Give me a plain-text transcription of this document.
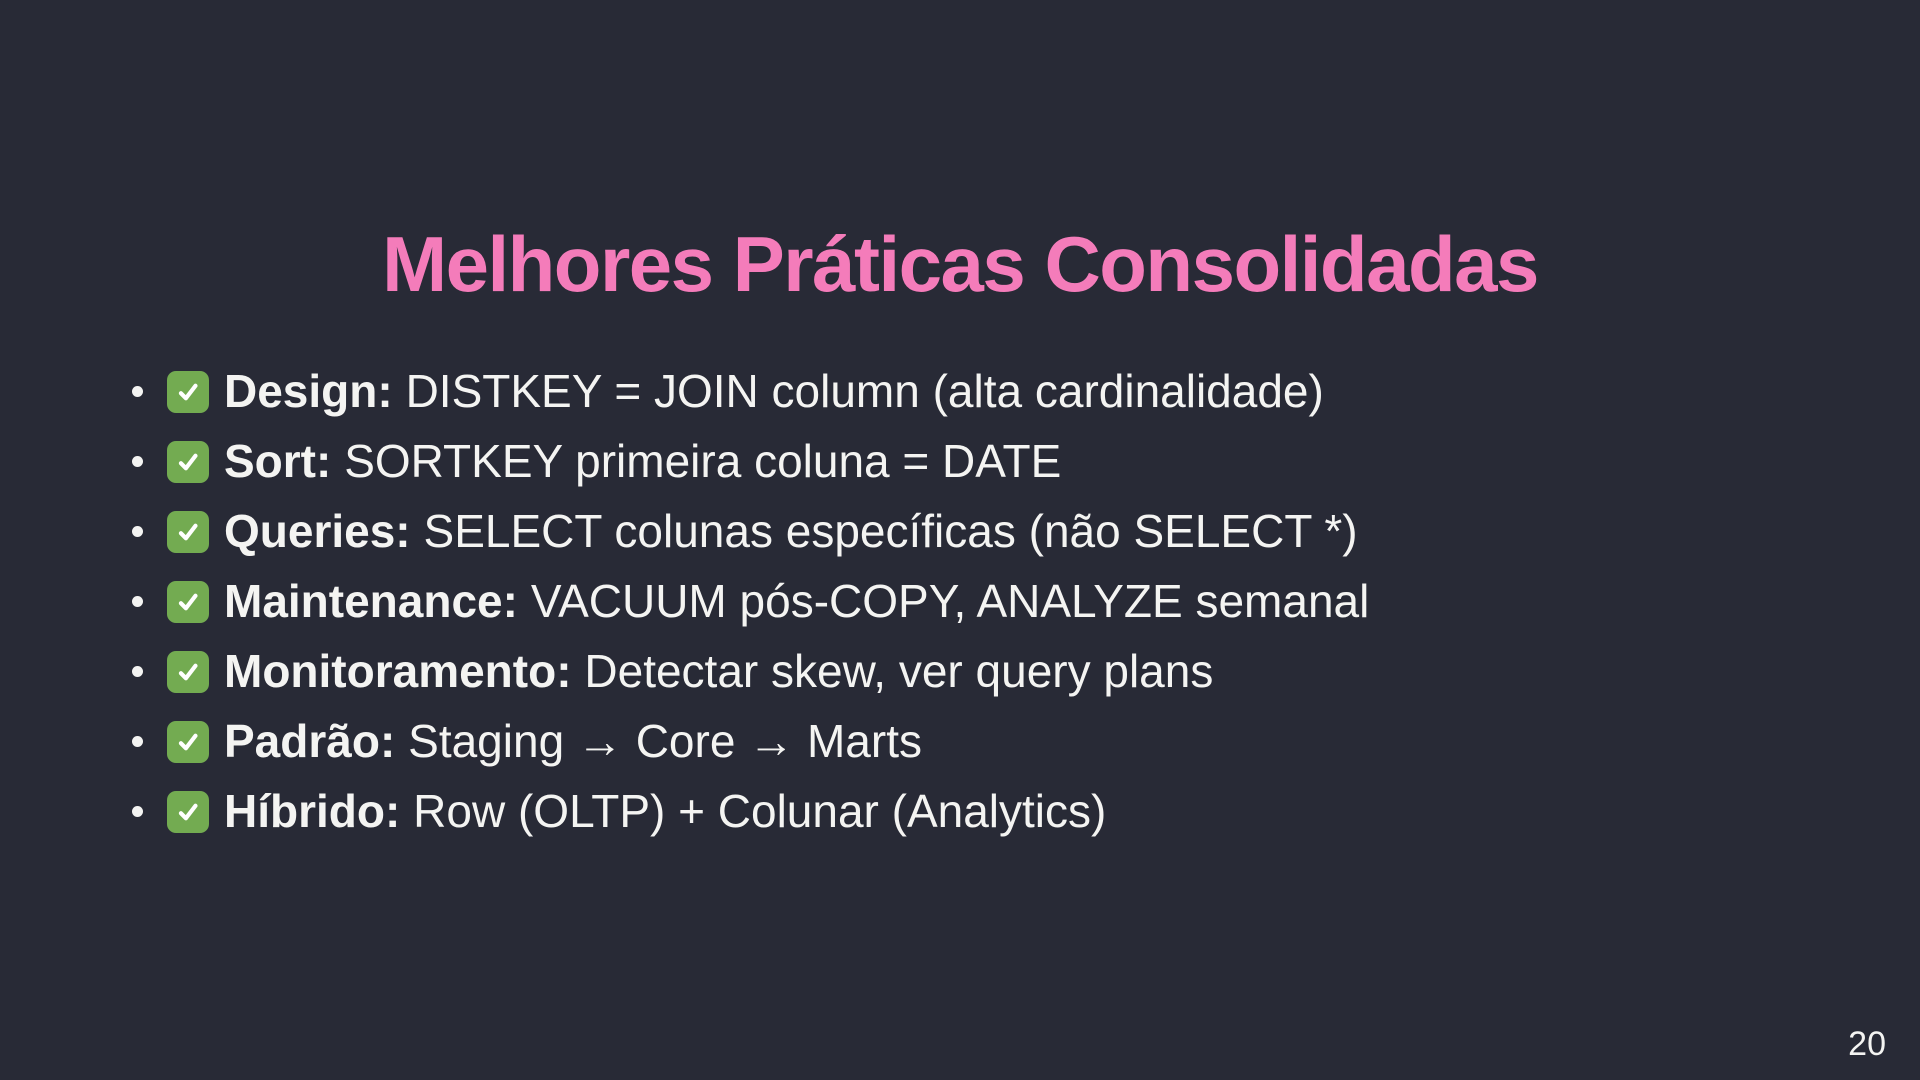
Melhores Práticas Consolidadas

Design: DISTKEY = JOIN column (alta cardinalidade)

Sort: SORTKEY primeira coluna = DATE

Queries: SELECT colunas específicas (não SELECT *)

Maintenance: VACUUM pós-COPY, ANALYZE semanal

Monitoramento: Detectar skew, ver query plans

Padrão: Staging → Core → Marts

Híbrido: Row (OLTP) + Colunar (Analytics)

20
